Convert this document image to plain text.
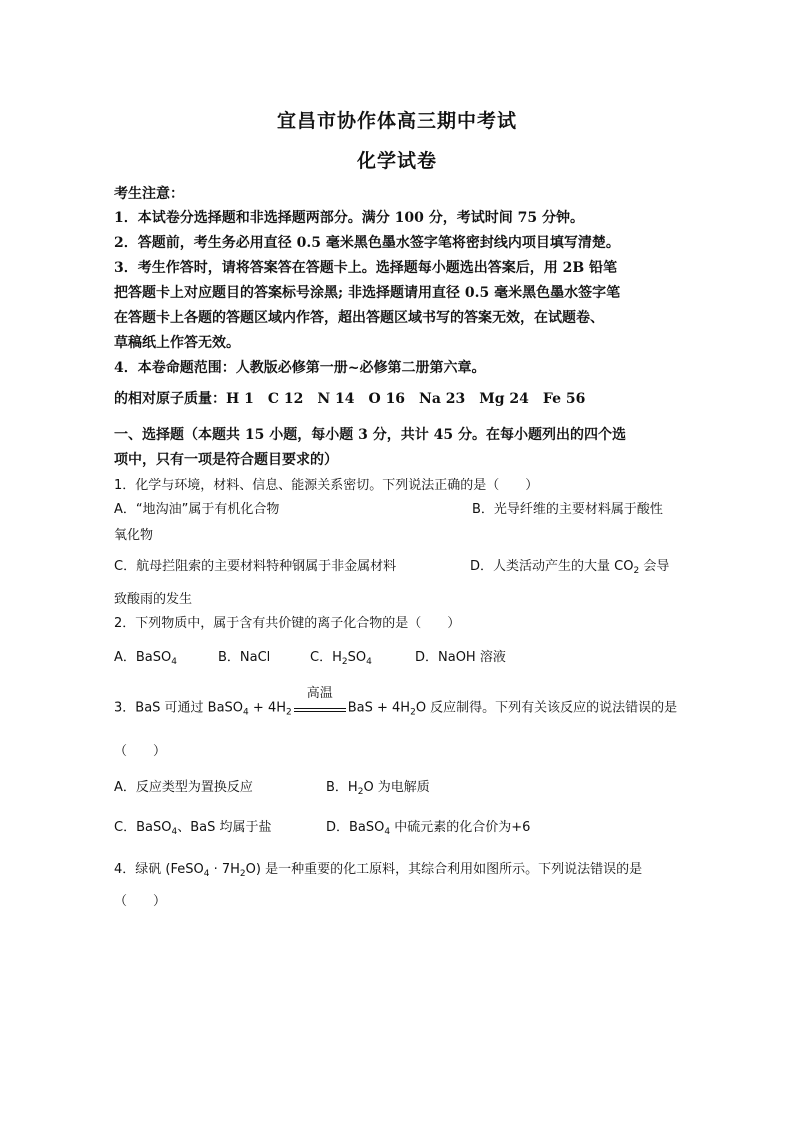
宜昌市协作体高三期中考试
化学试卷
考生注意：
1．本试卷分选择题和非选择题两部分。满分 100 分，考试时间 75 分钟。
2．答题前，考生务必用直径 0.5 毫米黑色墨水签字笔将密封线内项目填写清楚。
3．考生作答时，请将答案答在答题卡上。选择题每小题选出答案后，用 2B 铅笔
把答题卡上对应题目的答案标号涂黑; 非选择题请用直径 0.5 毫米黑色墨水签字笔
在答题卡上各题的答题区域内作答，超出答题区域书写的答案无效，在试题卷、
草稿纸上作答无效。
4．本卷命题范围：人教版必修第一册~必修第二册第六章。
的相对原子质量：H 1　C 12　N 14　O 16　Na 23　Mg 24　Fe 56
一、选择题（本题共 15 小题，每小题 3 分，共计 45 分。在每小题列出的四个选
项中，只有一项是符合题目要求的）
1．化学与环境，材料、信息、能源关系密切。下列说法正确的是（　　）
A．“地沟油”属于有机化合物	B．光导纤维的主要材料属于酸性
氧化物
C．航母拦阻索的主要材料特种钢属于非金属材料	D．人类活动产生的大量 $CO_2$ 会导
致酸雨的发生
2．下列物质中，属于含有共价键的离子化合物的是（　　）
A．BaSO$_4$	B．NaCl	C．$H_2SO_4$	D．NaOH 溶液
3．BaS 可通过 BaSO$_4$ + $4H_2$
高温
BaS + $4H_2O$ 反应制得。下列有关该反应的说法错误的是
（　　）
A．反应类型为置换反应	B．$H_2O$ 为电解质
C．BaSO$_4$、BaS 均属于盐	D．BaSO$_4$ 中硫元素的化合价为+6
4．绿矾 (FeSO$_4$ · $7H_2O$) 是一种重要的化工原料，其综合利用如图所示。下列说法错误的是
（　　）
